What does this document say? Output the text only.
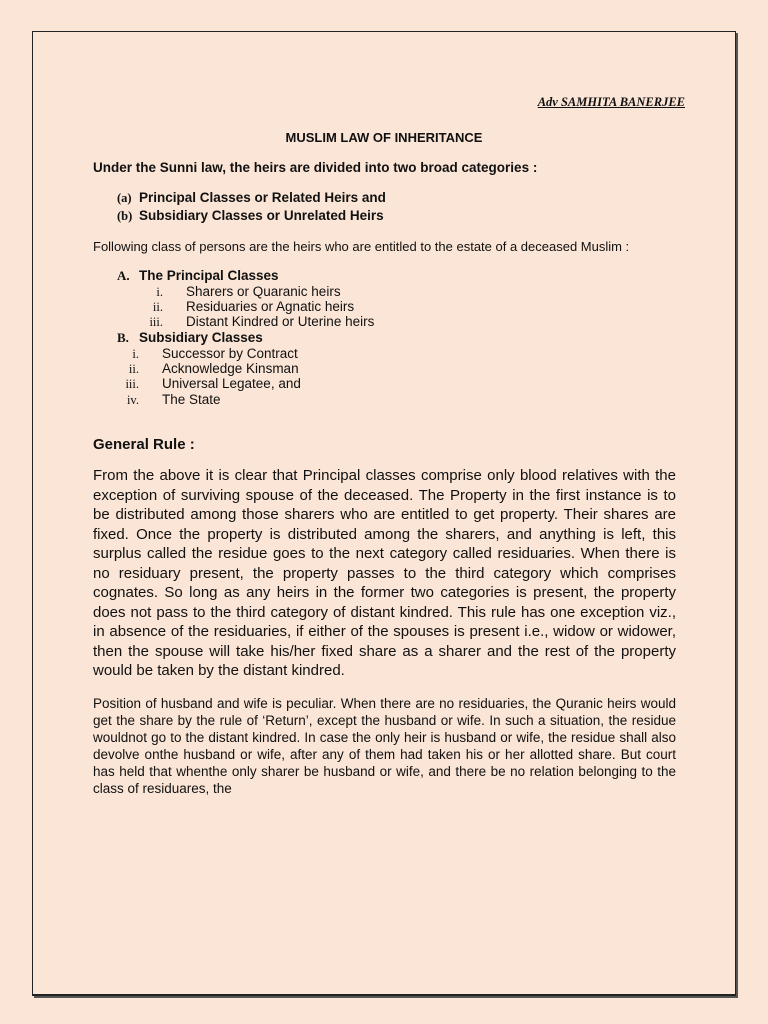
Adv SAMHITA BANERJEE
MUSLIM LAW OF INHERITANCE
Under the Sunni law, the heirs are divided into two broad categories :
(a) Principal Classes or Related Heirs and
(b) Subsidiary Classes or Unrelated Heirs
Following class of persons are the heirs who are entitled to the estate of a deceased Muslim :
A. The Principal Classes
i. Sharers or Quaranic heirs
ii. Residuaries or Agnatic heirs
iii. Distant Kindred or Uterine heirs
B. Subsidiary Classes
i. Successor by Contract
ii. Acknowledge Kinsman
iii. Universal Legatee, and
iv. The State
General Rule :

From the above it is clear that Principal classes comprise only blood relatives with the exception of surviving spouse of the deceased. The Property in the first instance is to be distributed among those sharers who are entitled to get property. Their shares are fixed. Once the property is distributed among the sharers, and anything is left, this surplus called the residue goes to the next category called residuaries. When there is no residuary present, the property passes to the third category which comprises cognates. So long as any heirs in the former two categories is present, the property does not pass to the third category of distant kindred. This rule has one exception viz., in absence of the residuaries, if either of the spouses is present i.e., widow or widower, then the spouse will take his/her fixed share as a sharer and the rest of the property would be taken by the distant kindred.

Position of husband and wife is peculiar. When there are no residuaries, the Quranic heirs would get the share by the rule of ‘Return’, except the husband or wife. In such a situation, the residue wouldnot go to the distant kindred. In case the only heir is husband or wife, the residue shall also devolve onthe husband or wife, after any of them had taken his or her allotted share. But court has held that whenthe only sharer be husband or wife, and there be no relation belonging to the class of residuares, the
